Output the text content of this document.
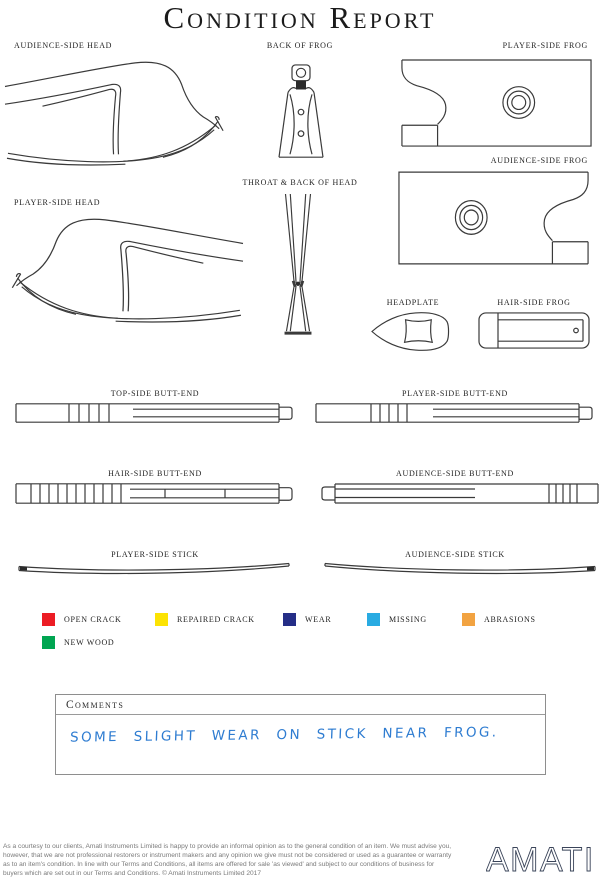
Condition Report
AUDIENCE-SIDE HEAD	BACK OF FROG	PLAYER-SIDE FROG
AUDIENCE-SIDE FROG
PLAYER-SIDE HEAD
THROAT & BACK OF HEAD
HEADPLATE	HAIR-SIDE FROG
TOP-SIDE BUTT-END	PLAYER-SIDE BUTT-END
HAIR-SIDE BUTT-END	AUDIENCE-SIDE BUTT-END
PLAYER-SIDE STICK	AUDIENCE-SIDE STICK
OPEN CRACK	REPAIRED CRACK	WEAR	MISSING	ABRASIONS
NEW WOOD
Comments
SOME SLIGHT WEAR ON STICK NEAR FROG.
As a courtesy to our clients, Amati Instruments Limited is happy to provide an informal opinion as to the general condition of an item. We must advise you, however, that we are not professional restorers or instrument makers and any opinion we give must not be considered or used as a guarantee or warranty as to an item's condition. In line with our Terms and Conditions, all items are offered for sale 'as viewed' and subject to our conditions of business for buyers which are set out in our Terms and Conditions. © Amati Instruments Limited 2017	AMATI
